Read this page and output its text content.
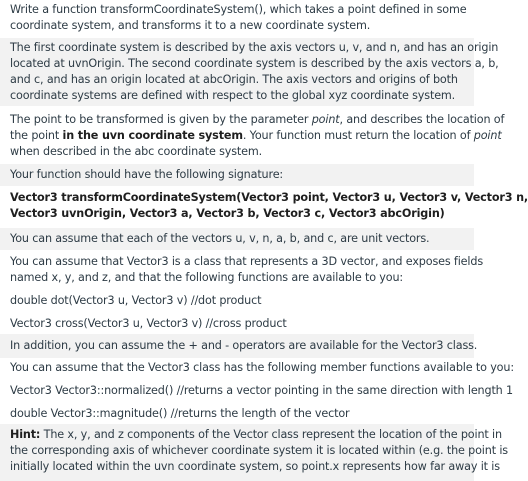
Write a function transformCoordinateSystem(), which takes a point defined in some
coordinate system, and transforms it to a new coordinate system.
The first coordinate system is described by the axis vectors u, v, and n, and has an origin
located at uvnOrigin. The second coordinate system is described by the axis vectors a, b,
and c, and has an origin located at abcOrigin. The axis vectors and origins of both
coordinate systems are defined with respect to the global xyz coordinate system.
The point to be transformed is given by the parameter point, and describes the location of
the point in the uvn coordinate system. Your function must return the location of point
when described in the abc coordinate system.
Your function should have the following signature:
Vector3 transformCoordinateSystem(Vector3 point, Vector3 u, Vector3 v, Vector3 n,
Vector3 uvnOrigin, Vector3 a, Vector3 b, Vector3 c, Vector3 abcOrigin)
You can assume that each of the vectors u, v, n, a, b, and c, are unit vectors.
You can assume that Vector3 is a class that represents a 3D vector, and exposes fields
named x, y, and z, and that the following functions are available to you:
double dot(Vector3 u, Vector3 v) //dot product
Vector3 cross(Vector3 u, Vector3 v) //cross product
In addition, you can assume the + and - operators are available for the Vector3 class.
You can assume that the Vector3 class has the following member functions available to you:
Vector3 Vector3::normalized() //returns a vector pointing in the same direction with length 1
double Vector3::magnitude() //returns the length of the vector
Hint: The x, y, and z components of the Vector class represent the location of the point in
the corresponding axis of whichever coordinate system it is located within (e.g. the point is
initially located within the uvn coordinate system, so point.x represents how far away it is
